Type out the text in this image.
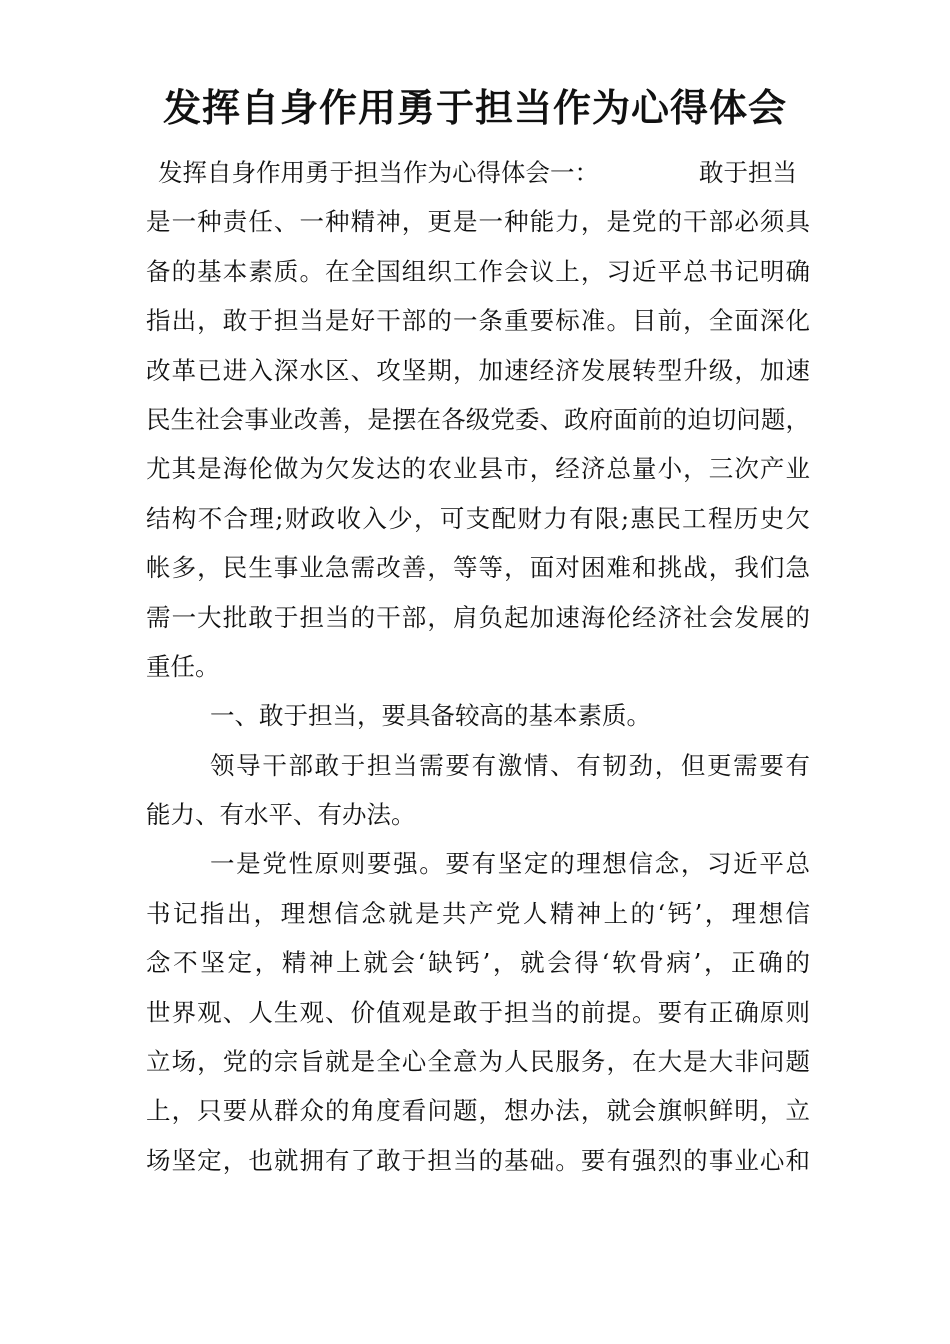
发挥自身作用勇于担当作为心得体会
发挥自身作用勇于担当作为心得体会一：	敢于担当
是一种责任、一种精神，更是一种能力，是党的干部必须具
备的基本素质。在全国组织工作会议上，习近平总书记明确
指出，敢于担当是好干部的一条重要标准。目前，全面深化
改革已进入深水区、攻坚期，加速经济发展转型升级，加速
民生社会事业改善，是摆在各级党委、政府面前的迫切问题，
尤其是海伦做为欠发达的农业县市，经济总量小，三次产业
结构不合理;财政收入少，可支配财力有限;惠民工程历史欠
帐多，民生事业急需改善，等等，面对困难和挑战，我们急
需一大批敢于担当的干部，肩负起加速海伦经济社会发展的
重任。
一、敢于担当，要具备较高的基本素质。
领导干部敢于担当需要有激情、有韧劲，但更需要有
能力、有水平、有办法。
一是党性原则要强。要有坚定的理想信念，习近平总
书记指出，理想信念就是共产党人精神上的‘钙’，理想信
念不坚定，精神上就会‘缺钙’，就会得‘软骨病’，正确的
世界观、人生观、价值观是敢于担当的前提。要有正确原则
立场，党的宗旨就是全心全意为人民服务，在大是大非问题
上，只要从群众的角度看问题，想办法，就会旗帜鲜明，立
场坚定，也就拥有了敢于担当的基础。要有强烈的事业心和
